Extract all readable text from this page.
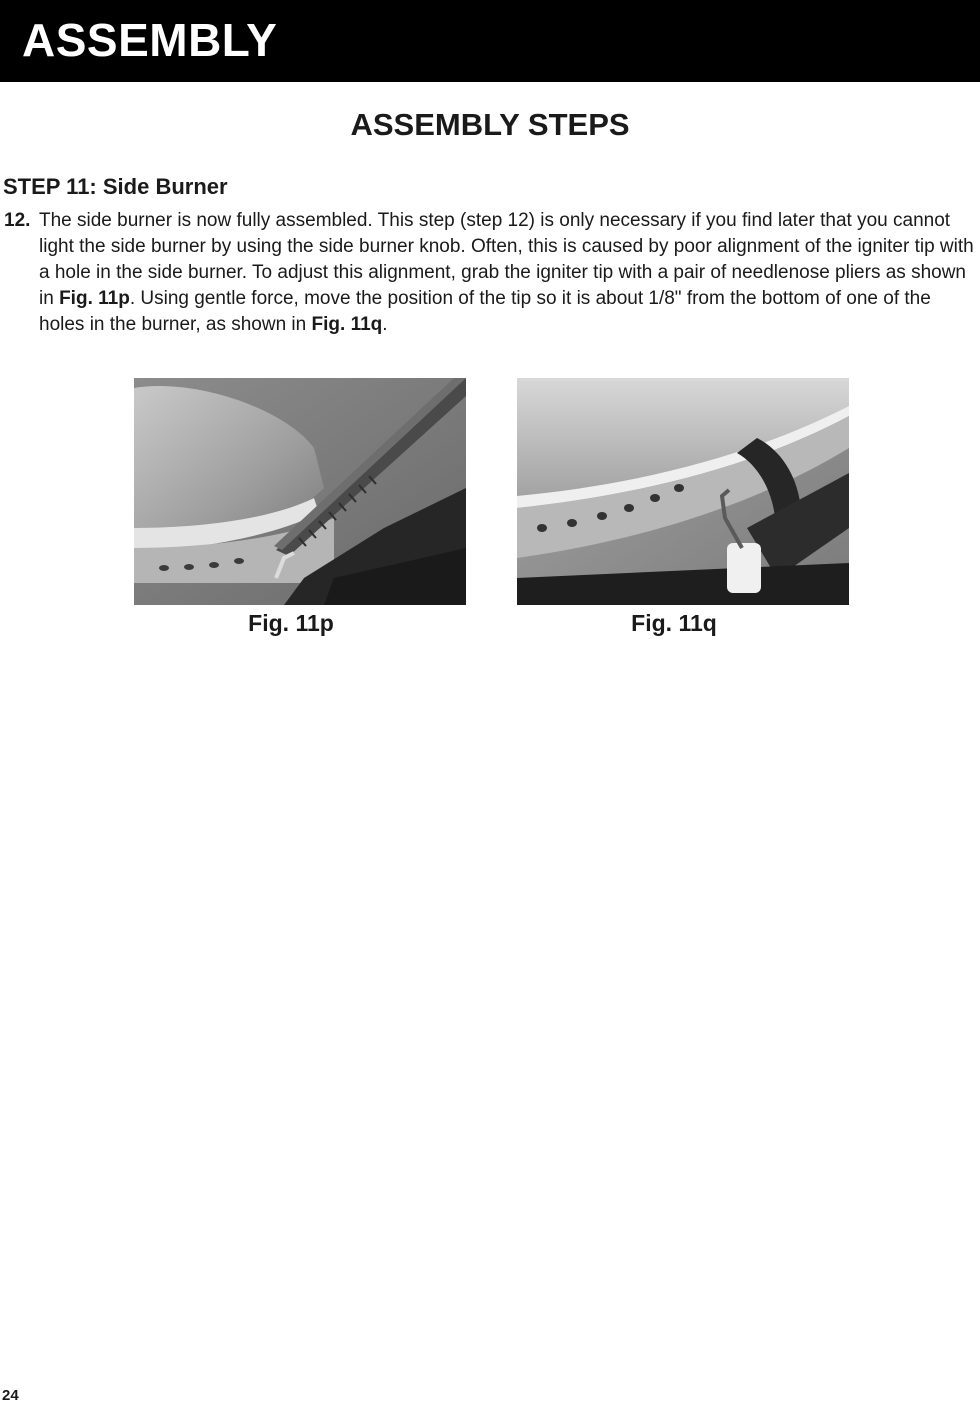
ASSEMBLY
ASSEMBLY STEPS
STEP 11: Side Burner
12. The side burner is now fully assembled. This step (step 12) is only necessary if you find later that you cannot light the side burner by using the side burner knob. Often, this is caused by poor alignment of the igniter tip with a hole in the side burner. To adjust this alignment, grab the igniter tip with a pair of needlenose pliers as shown in Fig. 11p. Using gentle force, move the position of the tip so it is about 1/8" from the bottom of one of the holes in the burner, as shown in Fig. 11q.
Fig. 11p	Fig. 11q
24
